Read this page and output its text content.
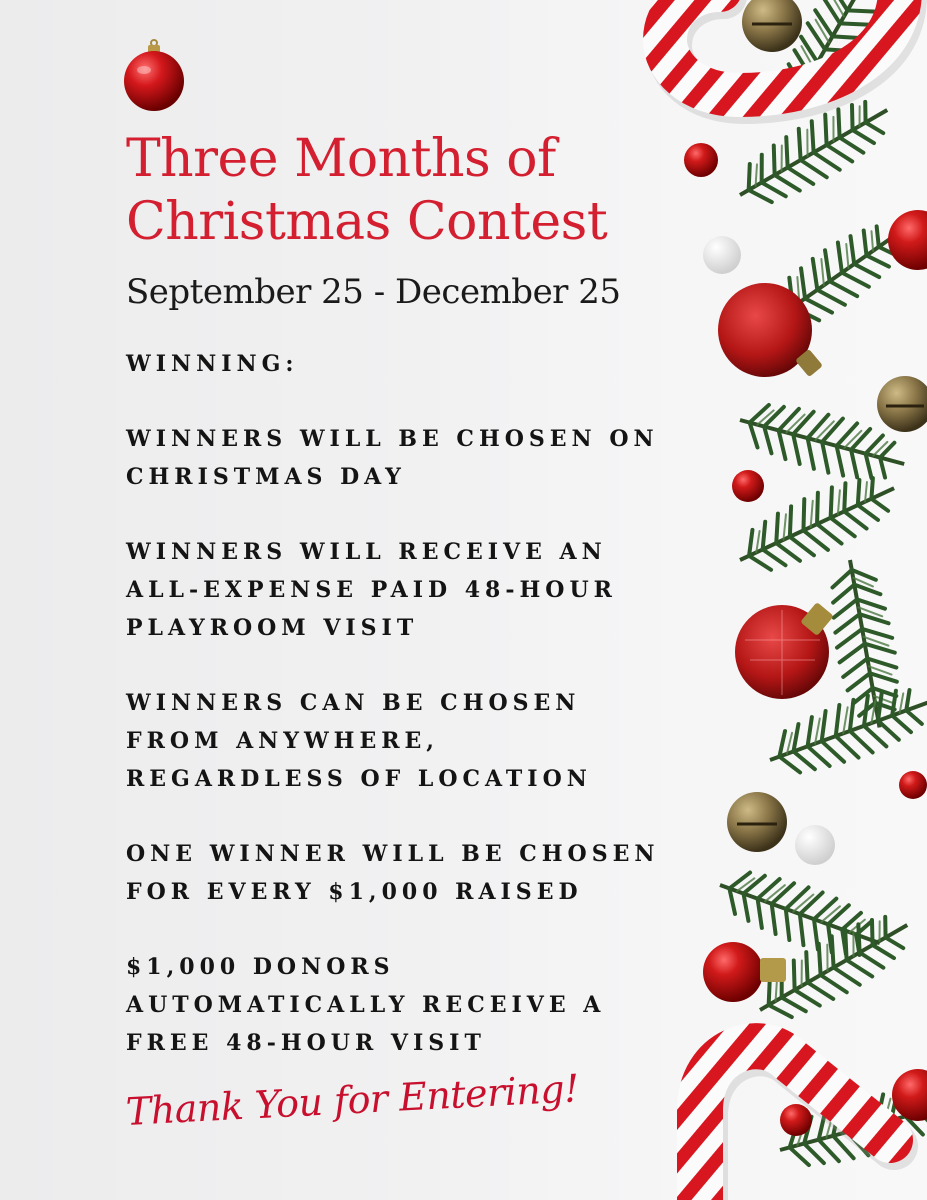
Three Months of
Christmas Contest
September 25 - December 25

WINNING:

WINNERS WILL BE CHOSEN ON
CHRISTMAS DAY

WINNERS WILL RECEIVE AN
ALL-EXPENSE PAID 48-HOUR
PLAYROOM VISIT

WINNERS CAN BE CHOSEN
FROM ANYWHERE,
REGARDLESS OF LOCATION

ONE WINNER WILL BE CHOSEN
FOR EVERY $1,000 RAISED

$1,000 DONORS
AUTOMATICALLY RECEIVE A
FREE 48-HOUR VISIT

Thank You for Entering!
